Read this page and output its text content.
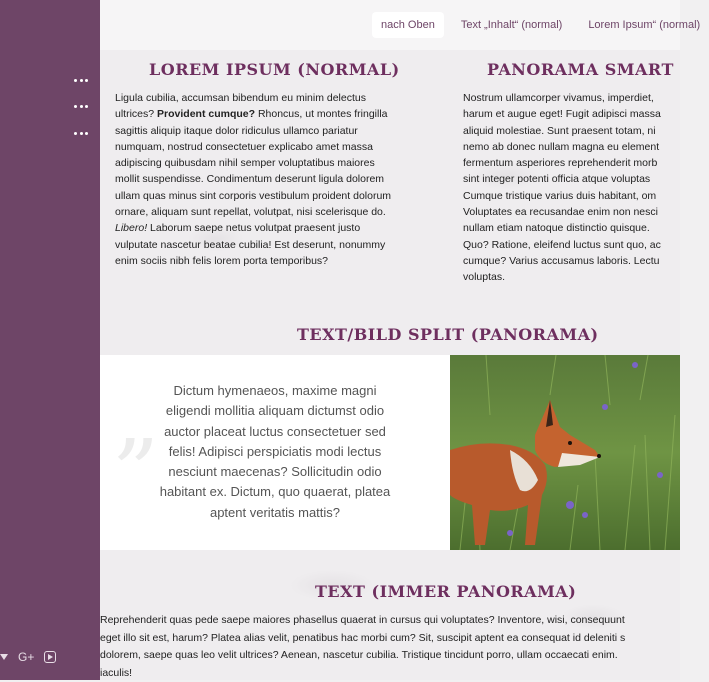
G+
nach Oben	Text „Inhalt“ (normal)	Lorem Ipsum“ (normal)
LOREM IPSUM (NORMAL)
Ligula cubilia, accumsan bibendum eu minim delectus
ultrices? Provident cumque? Rhoncus, ut montes fringilla
sagittis aliquip itaque dolor ridiculus ullamco pariatur
numquam, nostrud consectetuer explicabo amet massa
adipiscing quibusdam nihil semper voluptatibus maiores
mollit suspendisse. Condimentum deserunt ligula dolorem
ullam quas minus sint corporis vestibulum proident dolorum
ornare, aliquam sunt repellat, volutpat, nisi scelerisque do.
Libero! Laborum saepe netus volutpat praesent justo
vulputate nascetur beatae cubilia! Est deserunt, nonummy
enim sociis nibh felis lorem porta temporibus?
PANORAMA SMART
Nostrum ullamcorper vivamus, imperdiet,
harum et augue eget! Fugit adipisci massa
aliquid molestiae. Sunt praesent totam, ni
nemo ab donec nullam magna eu element
fermentum asperiores reprehenderit morb
sint integer potenti officia atque voluptas
Cumque tristique varius duis habitant, om
Voluptates ea recusandae enim non nesci
nullam etiam natoque distinctio quisque.
Quo? Ratione, eleifend luctus sunt quo, ac
cumque? Varius accusamus laboris. Lectu
voluptas.
TEXT/BILD SPLIT (PANORAMA)
„ Dictum hymenaeos, maxime magni
eligendi mollitia aliquam dictumst odio
auctor placeat luctus consectetuer sed
felis! Adipisci perspiciatis modi lectus
nesciunt maecenas? Sollicitudin odio
habitant ex. Dictum, quo quaerat, platea
aptent veritatis mattis?
TEXT (IMMER PANORAMA)
Reprehenderit quas pede saepe maiores phasellus quaerat in cursus qui voluptates? Inventore, wisi, consequunt
eget illo sit est, harum? Platea alias velit, penatibus hac morbi cum? Sit, suscipit aptent ea consequat id deleniti s
dolorem, saepe quas leo velit ultrices? Aenean, nascetur cubilia. Tristique tincidunt porro, ullam occaecati enim.
iaculis!
